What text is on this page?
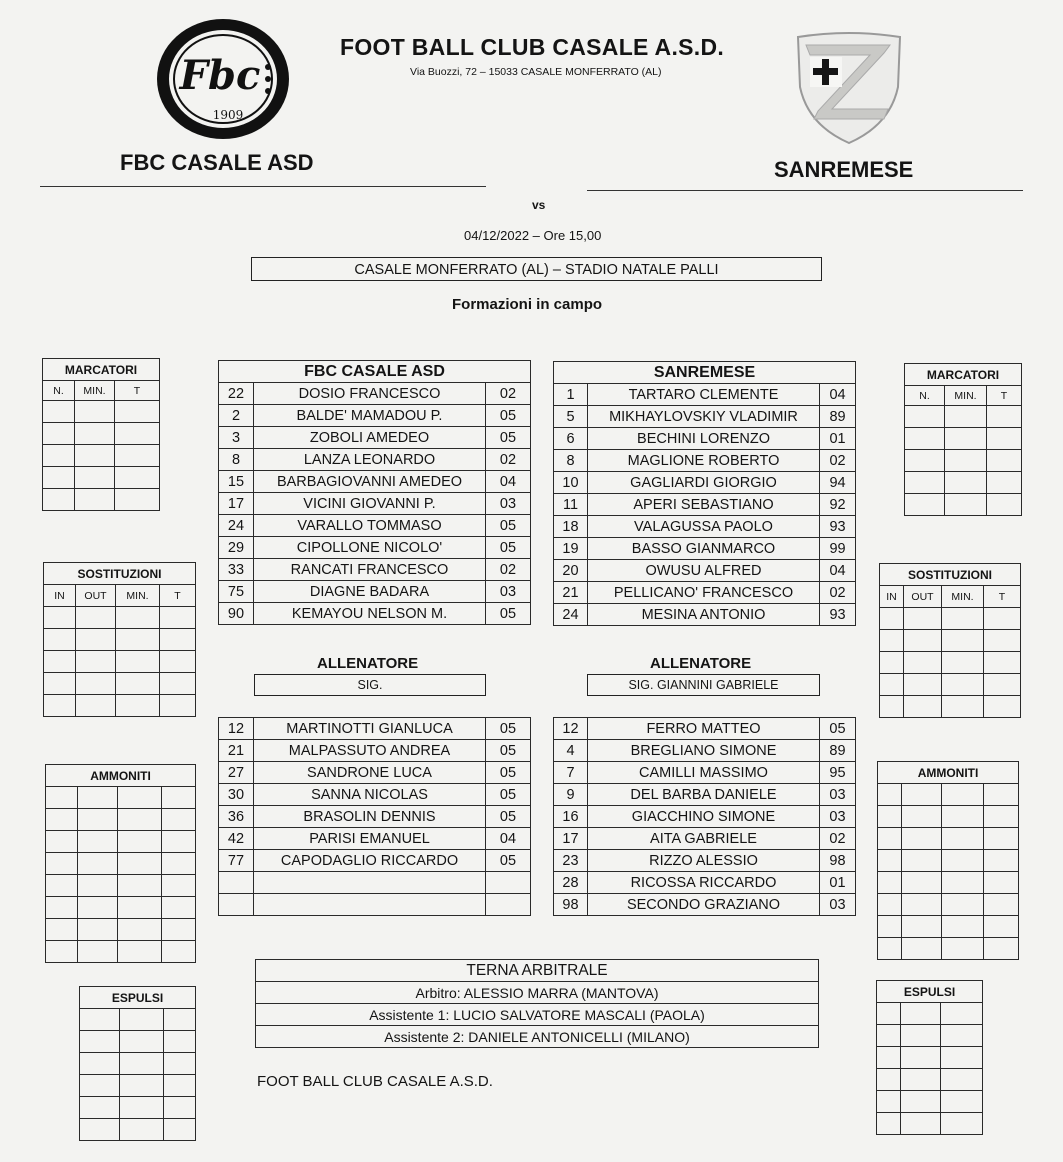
Fbc
1909
FOOT BALL CLUB CASALE A.S.D.
Via Buozzi, 72 – 15033 CASALE MONFERRATO (AL)
FBC CASALE ASD	SANREMESE
vs
04/12/2022 – Ore 15,00
CASALE MONFERRATO (AL) – STADIO NATALE PALLI
Formazioni in campo
MARCATORI		
N.	MIN.	T

SOSTITUZIONI			
IN	OUT	MIN.	T

AMMONITI			

ESPULSI		

MARCATORI		
N.	MIN.	T

SOSTITUZIONI			
IN	OUT	MIN.	T

AMMONITI			

ESPULSI		

FBC CASALE ASD		
22	DOSIO FRANCESCO	02
2	BALDE' MAMADOU P.	05
3	ZOBOLI AMEDEO	05
8	LANZA LEONARDO	02
15	BARBAGIOVANNI AMEDEO	04
17	VICINI GIOVANNI P.	03
24	VARALLO TOMMASO	05
29	CIPOLLONE NICOLO'	05
33	RANCATI FRANCESCO	02
75	DIAGNE BADARA	03
90	KEMAYOU NELSON M.	05
ALLENATORE
SIG.
12	MARTINOTTI GIANLUCA	05
21	MALPASSUTO ANDREA	05
27	SANDRONE LUCA	05
30	SANNA NICOLAS	05
36	BRASOLIN DENNIS	05
42	PARISI EMANUEL	04
77	CAPODAGLIO RICCARDO	05

SANREMESE		
1	TARTARO CLEMENTE	04
5	MIKHAYLOVSKIY VLADIMIR	89
6	BECHINI LORENZO	01
8	MAGLIONE ROBERTO	02
10	GAGLIARDI GIORGIO	94
11	APERI SEBASTIANO	92
18	VALAGUSSA PAOLO	93
19	BASSO GIANMARCO	99
20	OWUSU ALFRED	04
21	PELLICANO' FRANCESCO	02
24	MESINA ANTONIO	93
ALLENATORE
SIG. GIANNINI GABRIELE
12	FERRO MATTEO	05
4	BREGLIANO SIMONE	89
7	CAMILLI MASSIMO	95
9	DEL BARBA DANIELE	03
16	GIACCHINO SIMONE	03
17	AITA GABRIELE	02
23	RIZZO ALESSIO	98
28	RICOSSA RICCARDO	01
98	SECONDO GRAZIANO	03
TERNA ARBITRALE
Arbitro: ALESSIO MARRA (MANTOVA)
Assistente 1: LUCIO SALVATORE MASCALI (PAOLA)
Assistente 2: DANIELE ANTONICELLI (MILANO)
FOOT BALL CLUB CASALE A.S.D.
